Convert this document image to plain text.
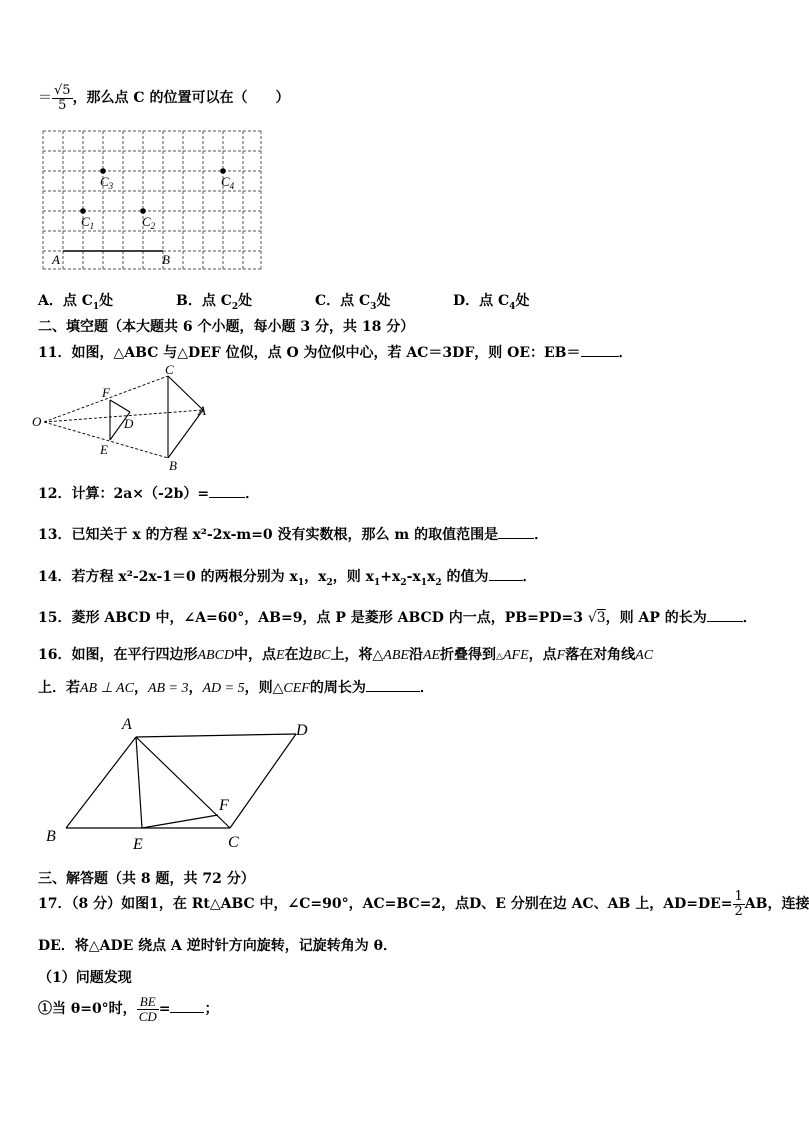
＝ $\frac{√5}{5}$ ，那么点 C 的位置可以在（　　）
A	B
$C_3$	$C_4$
$C_1$	$C_2$
A．点 $C_1$处	B．点 $C_2$处	C．点 $C_3$处	D．点 $C_4$处
二、填空题（本大题共 6 个小题，每小题 3 分，共 18 分）
11．如图，△ABC 与△DEF 位似，点 O 为位似中心，若 AC＝3DF，则 OE：EB＝	．
O
F
E
D
C
A
B
12．计算：2a×（-2b）=	．
13．已知关于 x 的方程 x²-2x-m=0 没有实数根，那么 m 的取值范围是	．
14．若方程 x²-2x-1＝0 的两根分别为 $x_1$，$x_2$，则 $x_1+x_2-x_1x_2$ 的值为 ．
15．菱形 ABCD 中，∠A=60°，AB=9，点 P 是菱形 ABCD 内一点，PB=PD=3 √3，则 AP 的长为	．
16．如图，在平行四边形ABCD中，点E在边BC上，将△ABE沿AE折叠得到△AFE，点F落在对角线AC
上．若AB ⊥ AC，AB = 3，AD = 5，则△CEF的周长为	．
A	D
B	E	C
F
三、解答题（共 8 题，共 72 分）
17．（8 分）如图1，在 Rt△ABC 中，∠C=90°，AC=BC=2，点D、E 分别在边 AC、AB 上，$AD=DE= \frac{1}{2}$ AB，连接
DE．将△ADE 绕点 A 逆时针方向旋转，记旋转角为 θ．
（1）问题发现
①当 θ=0°时， $\frac{BE}{CD}$ = ；
